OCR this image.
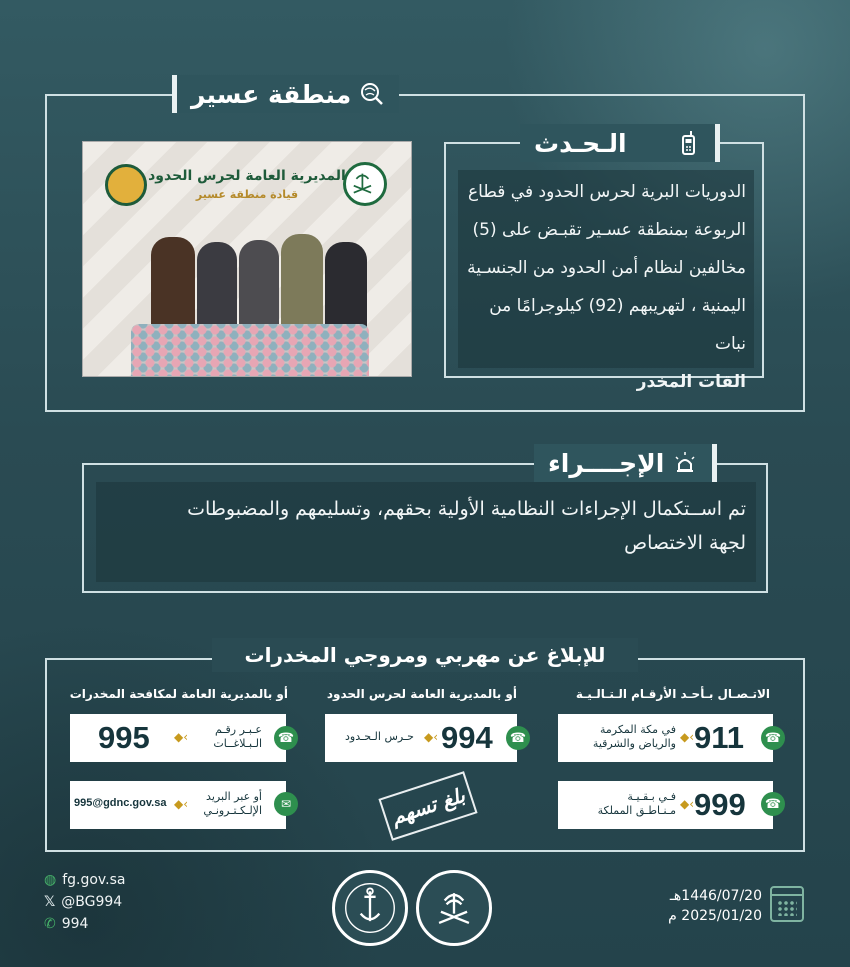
منطقة عسير
المديرية العامة لحرس الحدود
قيادة منطقة عسير
الـحـدث
الدوريات البرية لحرس الحدود في قطاع
الربوعة بمنطقة عسـير تقبـض على (5)
مخالفين لنظام أمن الحدود من الجنسـية
اليمنية ، لتهريبهم (92) كيلوجرامًا من نبات
القات المخدر
الإجــــراء
تم اســتكمال الإجراءات النظامية الأولية بحقهم، وتسليمهم والمضبوطات
لجهة الاختصاص
للإبلاغ عن مهربي ومروجي المخدرات
الاتـصـال بـأحـد الأرقـام الـتـالـيـة
أو بالمديرية العامة لحرس الحدود
أو بالمديرية العامة لمكافحة المخدرات
911
◆‹
في مكة المكرمة
والرياض والشرقية	☎
999
◆‹
فـي بـقـيـة
مـنـاطـق المملكة	☎
994
◆‹
حـرس الـحـدود	☎
بلغ تسهم
995 ◆‹
عـبـر رقـم
الـبـلاغــات	☎
995@gdnc.gov.sa ◆‹
أو عبر البريد
الإلـكـتـرونـي	✉
◍ fg.gov.sa
𝕏 @BG994
✆ 994
1446/07/20هـ
2025/01/20 م
